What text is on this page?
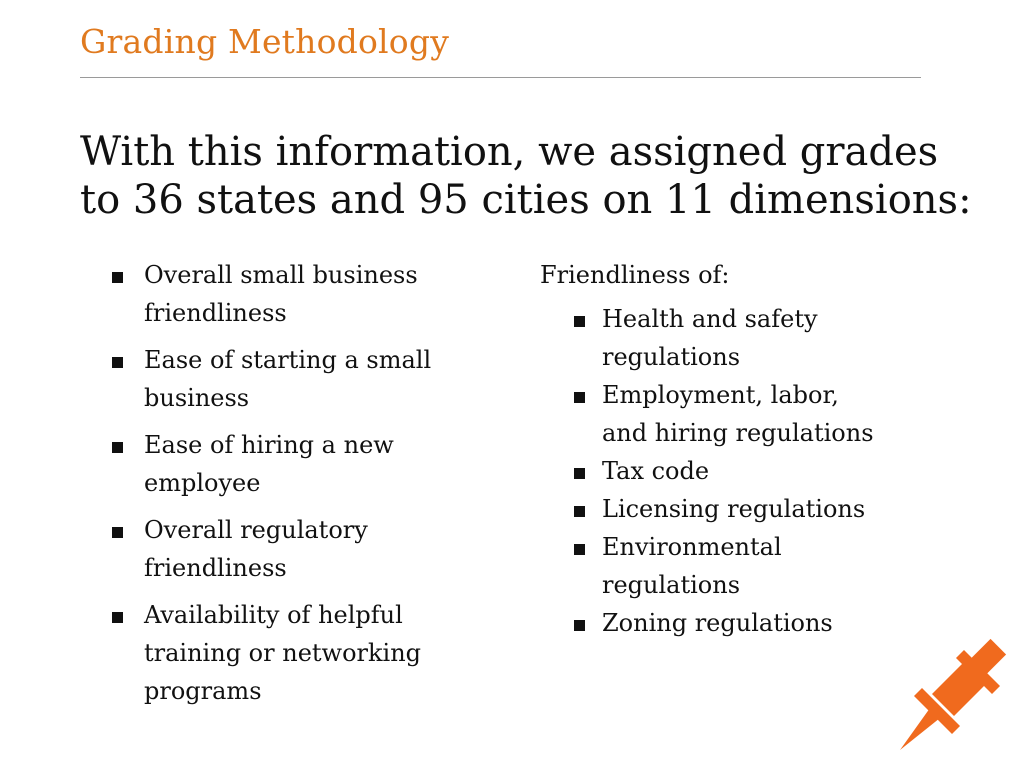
Grading Methodology
With this information, we assigned grades to 36 states and 95 cities on 11 dimensions:
Overall small business friendliness
Ease of starting a small business
Ease of hiring a new employee
Overall regulatory friendliness
Availability of helpful training or networking programs
Friendliness of:
Health and safety regulations
Employment, labor, and hiring regulations
Tax code
Licensing regulations
Environmental regulations
Zoning regulations
